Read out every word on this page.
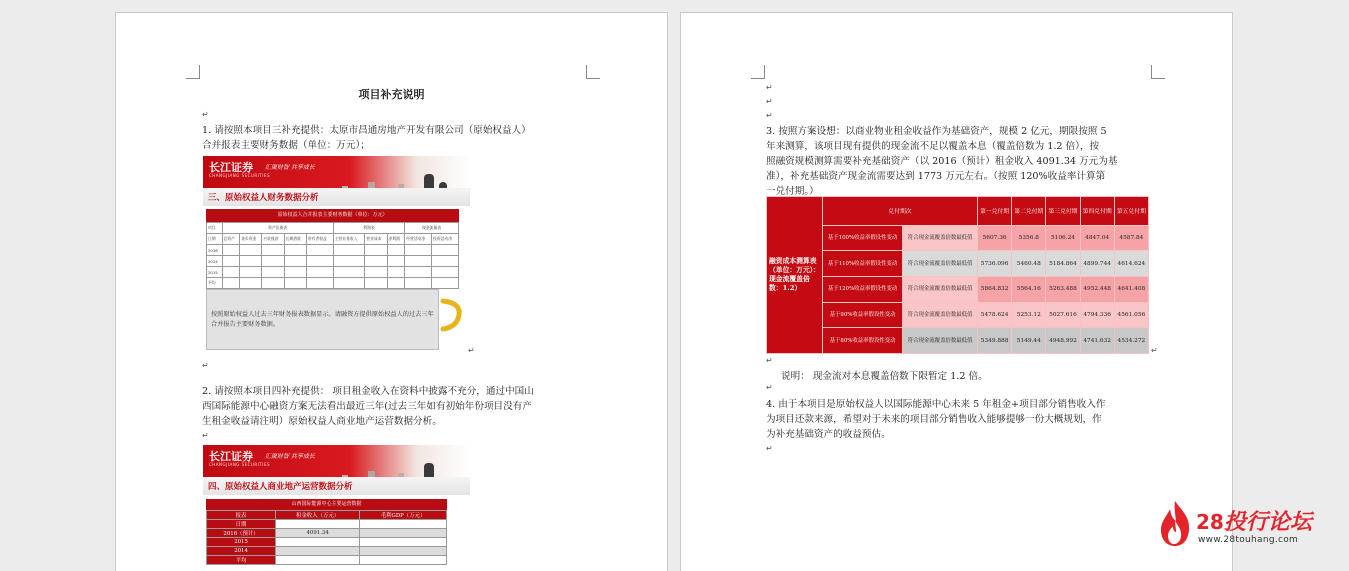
项目补充说明
↵
1. 请按照本项目三补充提供：太原市昌通房地产开发有限公司（原始权益人）
合并报表主要财务数据（单位：万元）；
长江证券
CHANGJIANG SECURITIES
汇聚财智 共享成长
三、原始权益人财务数据分析
原始权益人合并报表主要财务数据（单位：万元）
项目	资产负债表					利润表			现金流量表	
日期	总资产	货币资金	应收账款	长期借款	所有者权益	主营业务收入	营业成本	净利润	经营活动净	投资活动净
2016										
2014										
2015										
平均										

按照原始权益人过去三年财务报表数据显示。请融资方提供原始权益人的过去三年合并报告主要财务数据。

↵
↵
2. 请按照本项目四补充提供： 项目租金收入在资料中披露不充分，通过中国山
西国际能源中心融资方案无法看出最近三年(过去三年如有初始年份项目没有产
生租金收益请注明）原始权益人商业地产运营数据分析。
↵
长江证券
CHANGJIANG SECURITIES
汇聚财智 共享成长
四、原始权益人商业地产运营数据分析
山西国际能源中心主要运营数据
报表	租金收入（万元）	毛利GDP（万元）
日期		
2016（预计）	4091.34	
2015		
2014		
平均		
↵
↵
↵
3. 按照方案设想：以商业物业租金收益作为基础资产，规模 2 亿元，期限按照 5
年来测算，该项目现有提供的现金流不足以覆盖本息（覆盖倍数为 1.2 倍），按
照融资规模测算需要补充基础资产（以 2016（预计）租金收入 4091.34 万元为基
准），补充基础资产现金流需要达到 1773 万元左右。（按照 120%收益率计算第
一兑付期。）
融资成本测算表（单位：万元）：现金流覆盖倍数：1.2）	兑付期次		第一兑付期	第二兑付期	第三兑付期	第四兑付期	第五兑付期
	基于100%收益率假设性变动	符合现金流覆盖倍数最低值	5607.36	5356.8	5106.24	4847.04	4587.84
	基于110%收益率假设性变动	符合现金流覆盖倍数最低值	5736.096	5460.48	5184.864	4899.744	4614.624
	基于120%收益率假设性变动	符合现金流覆盖倍数最低值	5864.832	5564.16	5263.488	4952.448	4641.408
	基于90%收益率假设性变动	符合现金流覆盖倍数最低值	5478.624	5253.12	5027.616	4794.336	4561.056
	基于80%收益率假设性变动	符合现金流覆盖倍数最低值	5349.888	5149.44	4948.992	4741.632	4534.272
↵
↵
说明： 现金流对本息覆盖倍数下限暂定 1.2 倍。
↵
4. 由于本项目是原始权益人以国际能源中心未来 5 年租金+项目部分销售收入作
为项目还款来源，希望对于未来的项目部分销售收入能够提够一份大概规划，作
为补充基础资产的收益预估。
↵
28投行论坛
www.28touhang.com
